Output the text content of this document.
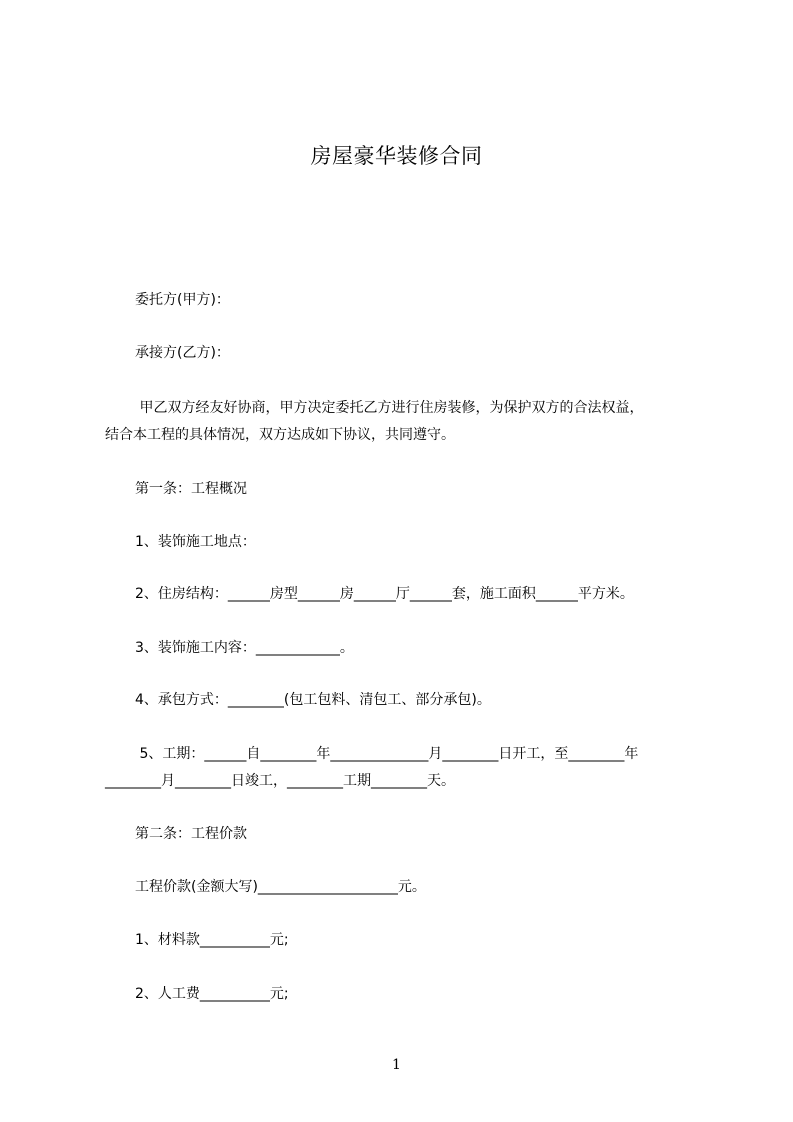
房屋豪华装修合同
委托方(甲方)：
承接方(乙方)：
甲乙双方经友好协商，甲方决定委托乙方进行住房装修，为保护双方的合法权益，
结合本工程的具体情况，双方达成如下协议，共同遵守。
第一条：工程概况
1、装饰施工地点：
2、住房结构：______房型______房______厅______套，施工面积______平方米。
3、装饰施工内容：____________。
4、承包方式：________(包工包料、清包工、部分承包)。
5、工期：______自________年______________月________日开工，至________年
________月________日竣工，________工期________天。
第二条：工程价款
工程价款(金额大写)____________________元。
1、材料款__________元;
2、人工费__________元;
1
